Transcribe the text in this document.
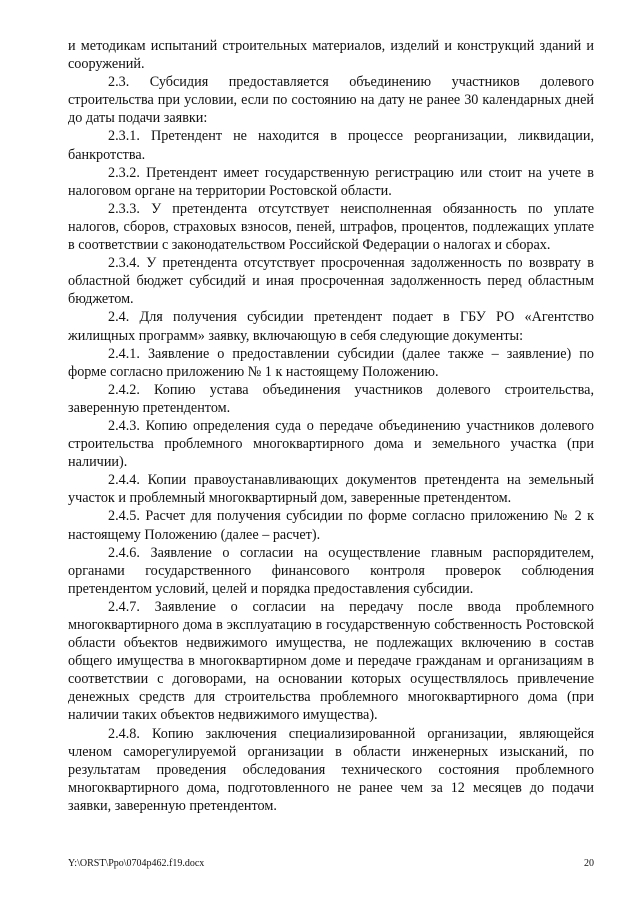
и методикам испытаний строительных материалов, изделий и конструкций зданий и сооружений.

2.3. Субсидия предоставляется объединению участников долевого строительства при условии, если по состоянию на дату не ранее 30 календарных дней до даты подачи заявки:

2.3.1. Претендент не находится в процессе реорганизации, ликвидации, банкротства.

2.3.2. Претендент имеет государственную регистрацию или стоит на учете в налоговом органе на территории Ростовской области.

2.3.3. У претендента отсутствует неисполненная обязанность по уплате налогов, сборов, страховых взносов, пеней, штрафов, процентов, подлежащих уплате в соответствии с законодательством Российской Федерации о налогах и сборах.

2.3.4. У претендента отсутствует просроченная задолженность по возврату в областной бюджет субсидий и иная просроченная задолженность перед областным бюджетом.

2.4. Для получения субсидии претендент подает в ГБУ РО «Агентство жилищных программ» заявку, включающую в себя следующие документы:

2.4.1. Заявление о предоставлении субсидии (далее также – заявление) по форме согласно приложению № 1 к настоящему Положению.

2.4.2. Копию устава объединения участников долевого строительства, заверенную претендентом.

2.4.3. Копию определения суда о передаче объединению участников долевого строительства проблемного многоквартирного дома и земельного участка (при наличии).

2.4.4. Копии правоустанавливающих документов претендента на земельный участок и проблемный многоквартирный дом, заверенные претендентом.

2.4.5. Расчет для получения субсидии по форме согласно приложению № 2 к настоящему Положению (далее – расчет).

2.4.6. Заявление о согласии на осуществление главным распорядителем, органами государственного финансового контроля проверок соблюдения претендентом условий, целей и порядка предоставления субсидии.

2.4.7. Заявление о согласии на передачу после ввода проблемного многоквартирного дома в эксплуатацию в государственную собственность Ростовской области объектов недвижимого имущества, не подлежащих включению в состав общего имущества в многоквартирном доме и передаче гражданам и организациям в соответствии с договорами, на основании которых осуществлялось привлечение денежных средств для строительства проблемного многоквартирного дома (при наличии таких объектов недвижимого имущества).

2.4.8. Копию заключения специализированной организации, являющейся членом саморегулируемой организации в области инженерных изысканий, по результатам проведения обследования технического состояния проблемного многоквартирного дома, подготовленного не ранее чем за 12 месяцев до подачи заявки, заверенную претендентом.

Y:\ORST\Ppo\0704p462.f19.docx	20
